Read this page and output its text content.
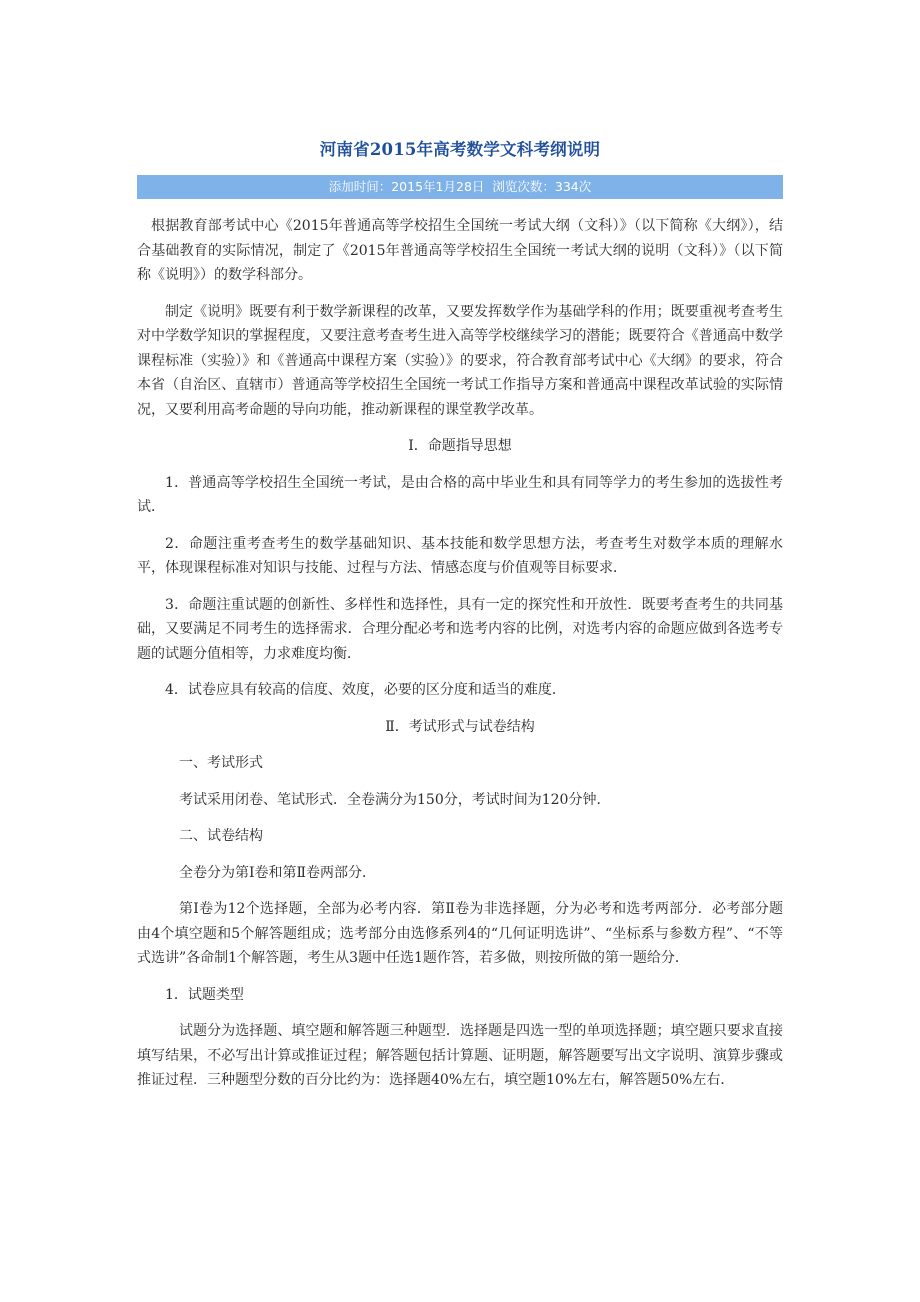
河南省2015年高考数学文科考纲说明
添加时间：2015年1月28日 浏览次数：334次

根据教育部考试中心《2015年普通高等学校招生全国统一考试大纲（文科）》（以下简称《大纲》），结合基础教育的实际情况，制定了《2015年普通高等学校招生全国统一考试大纲的说明（文科）》（以下简称《说明》）的数学科部分。

制定《说明》既要有利于数学新课程的改革，又要发挥数学作为基础学科的作用；既要重视考查考生对中学数学知识的掌握程度，又要注意考查考生进入高等学校继续学习的潜能；既要符合《普通高中数学课程标准（实验）》和《普通高中课程方案（实验）》的要求，符合教育部考试中心《大纲》的要求，符合本省（自治区、直辖市）普通高等学校招生全国统一考试工作指导方案和普通高中课程改革试验的实际情况，又要利用高考命题的导向功能，推动新课程的课堂教学改革。

Ⅰ．命题指导思想

1．普通高等学校招生全国统一考试，是由合格的高中毕业生和具有同等学力的考生参加的选拔性考试．

2．命题注重考查考生的数学基础知识、基本技能和数学思想方法，考查考生对数学本质的理解水平，体现课程标准对知识与技能、过程与方法、情感态度与价值观等目标要求．

3．命题注重试题的创新性、多样性和选择性，具有一定的探究性和开放性．既要考查考生的共同基础，又要满足不同考生的选择需求．合理分配必考和选考内容的比例，对选考内容的命题应做到各选考专题的试题分值相等，力求难度均衡．

4．试卷应具有较高的信度、效度，必要的区分度和适当的难度．

Ⅱ．考试形式与试卷结构

一、考试形式

考试采用闭卷、笔试形式．全卷满分为150分，考试时间为120分钟．

二、试卷结构

全卷分为第Ⅰ卷和第Ⅱ卷两部分．

第Ⅰ卷为12个选择题，全部为必考内容．第Ⅱ卷为非选择题，分为必考和选考两部分．必考部分题由4个填空题和5个解答题组成；选考部分由选修系列4的“几何证明选讲”、“坐标系与参数方程”、“不等式选讲”各命制1个解答题，考生从3题中任选1题作答，若多做，则按所做的第一题给分．

1．试题类型

试题分为选择题、填空题和解答题三种题型．选择题是四选一型的单项选择题；填空题只要求直接填写结果，不必写出计算或推证过程；解答题包括计算题、证明题，解答题要写出文字说明、演算步骤或推证过程．三种题型分数的百分比约为：选择题40%左右，填空题10%左右，解答题50%左右．
